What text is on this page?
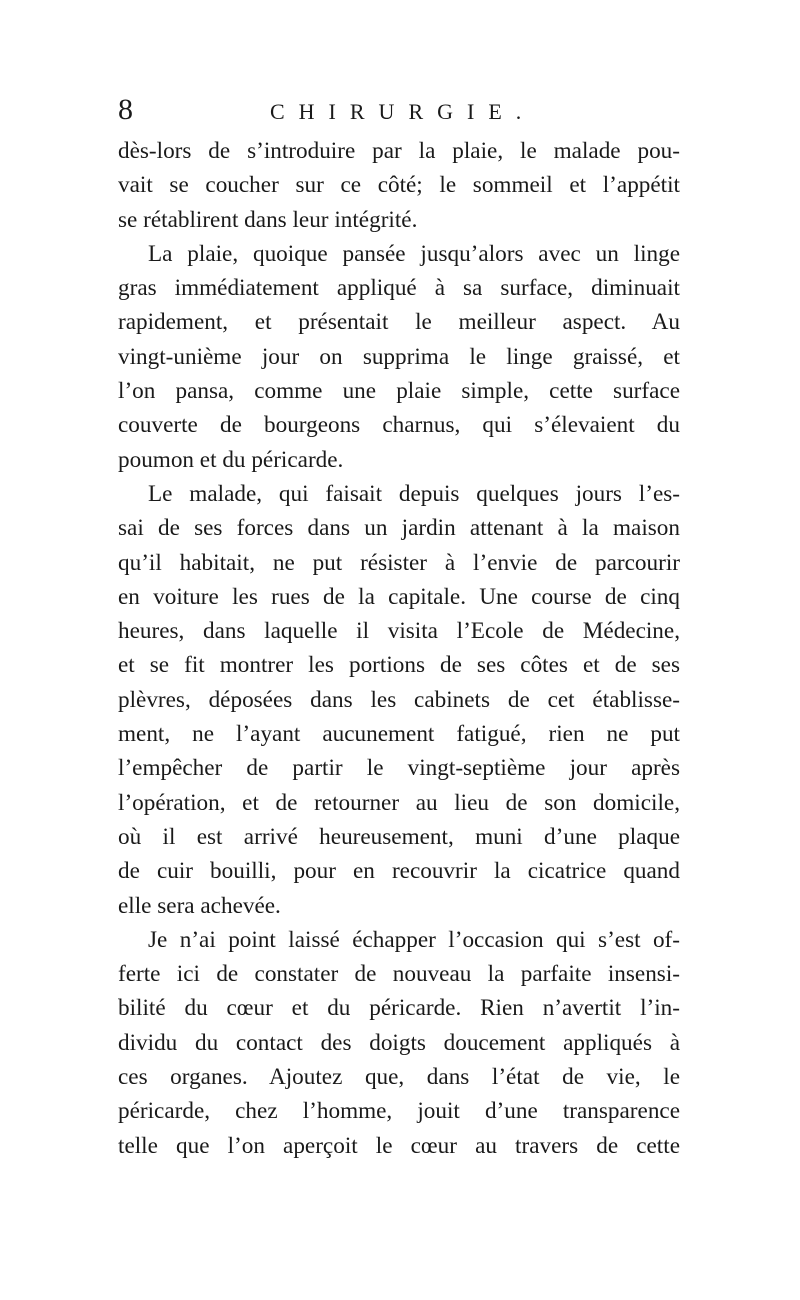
8	CHIRURGIE.

dès-lors de s’introduire par la plaie, le malade pou-
vait se coucher sur ce côté; le sommeil et l’appétit
se rétablirent dans leur intégrité.

La plaie, quoique pansée jusqu’alors avec un linge
gras immédiatement appliqué à sa surface, diminuait
rapidement, et présentait le meilleur aspect. Au
vingt-unième jour on supprima le linge graissé, et
l’on pansa, comme une plaie simple, cette surface
couverte de bourgeons charnus, qui s’élevaient du
poumon et du péricarde.

Le malade, qui faisait depuis quelques jours l’es-
sai de ses forces dans un jardin attenant à la maison
qu’il habitait, ne put résister à l’envie de parcourir
en voiture les rues de la capitale. Une course de cinq
heures, dans laquelle il visita l’Ecole de Médecine,
et se fit montrer les portions de ses côtes et de ses
plèvres, déposées dans les cabinets de cet établisse-
ment, ne l’ayant aucunement fatigué, rien ne put
l’empêcher de partir le vingt-septième jour après
l’opération, et de retourner au lieu de son domicile,
où il est arrivé heureusement, muni d’une plaque
de cuir bouilli, pour en recouvrir la cicatrice quand
elle sera achevée.

Je n’ai point laissé échapper l’occasion qui s’est of-
ferte ici de constater de nouveau la parfaite insensi-
bilité du cœur et du péricarde. Rien n’avertit l’in-
dividu du contact des doigts doucement appliqués à
ces organes. Ajoutez que, dans l’état de vie, le
péricarde, chez l’homme, jouit d’une transparence
telle que l’on aperçoit le cœur au travers de cette
